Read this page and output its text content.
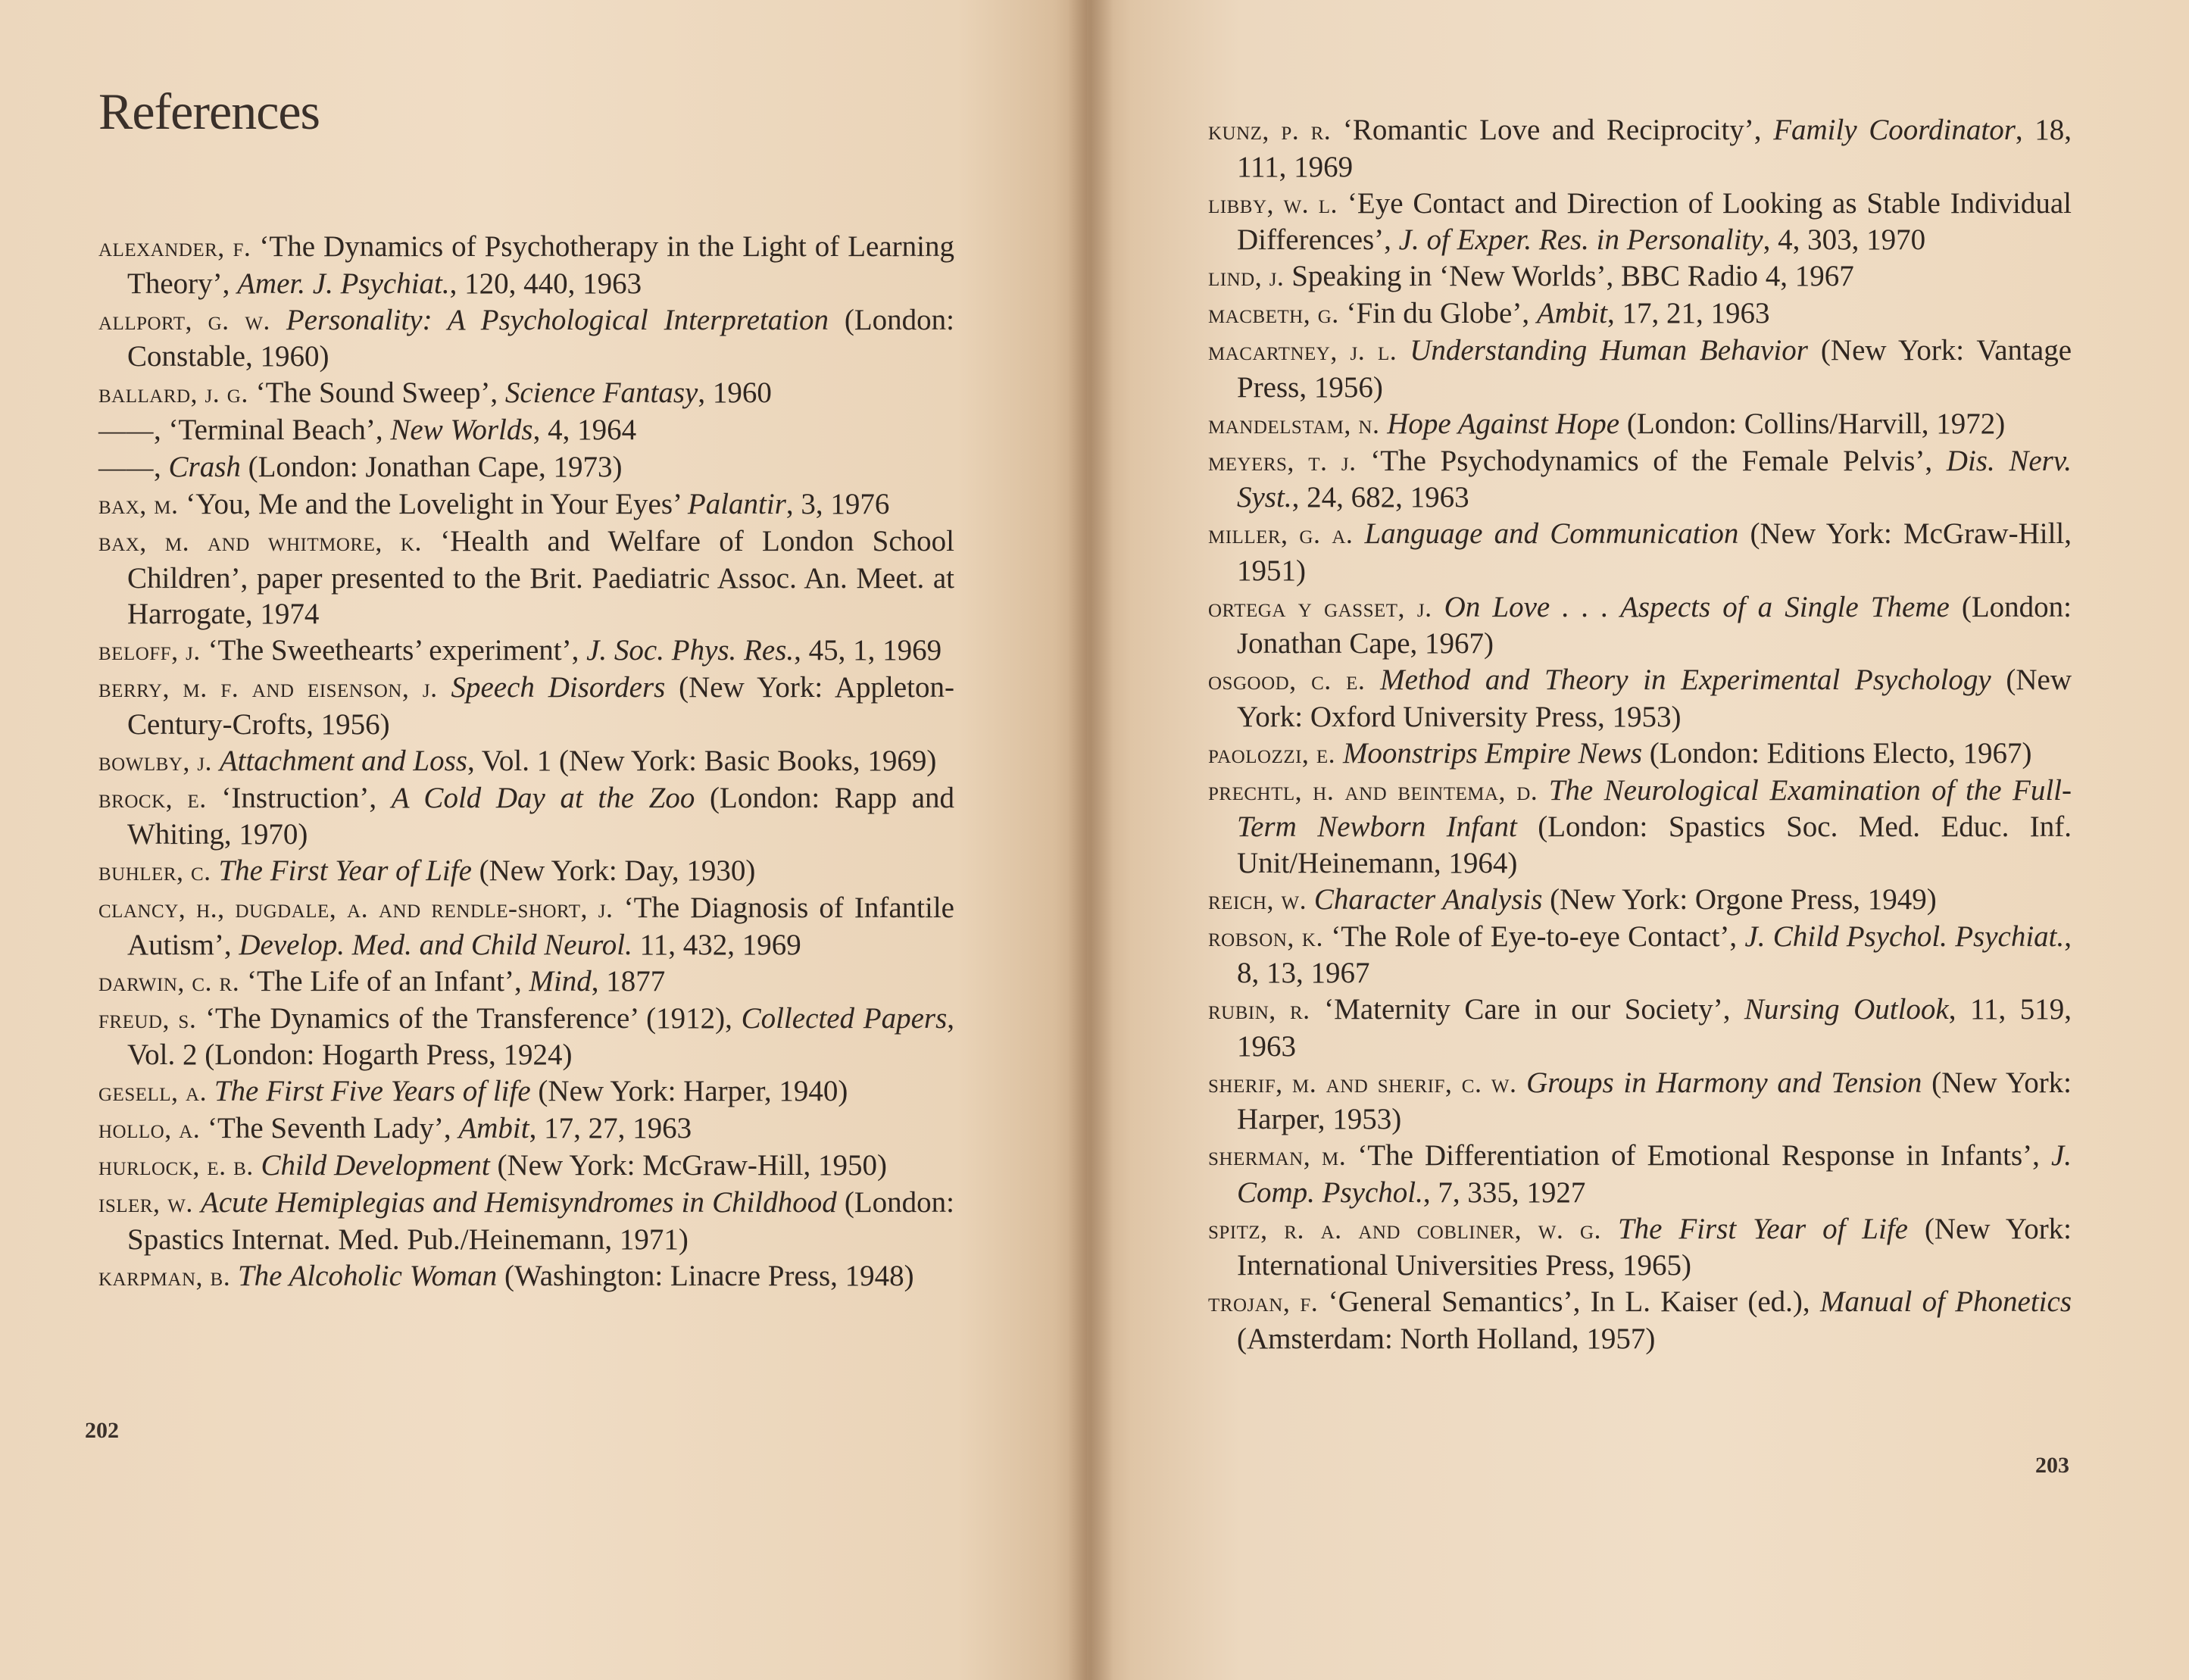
References
alexander, f. ‘The Dynamics of Psychotherapy in the Light of Learning Theory’, Amer. J. Psychiat., 120, 440, 1963
allport, g. w. Personality: A Psychological Interpretation (London: Constable, 1960)
ballard, j. g. ‘The Sound Sweep’, Science Fantasy, 1960
——, ‘Terminal Beach’, New Worlds, 4, 1964
——, Crash (London: Jonathan Cape, 1973)
bax, m. ‘You, Me and the Lovelight in Your Eyes’ Palantir, 3, 1976
bax, m. and whitmore, k. ‘Health and Welfare of London School Children’, paper presented to the Brit. Paediatric Assoc. An. Meet. at Harrogate, 1974
beloff, j. ‘The Sweethearts’ experiment’, J. Soc. Phys. Res., 45, 1, 1969
berry, m. f. and eisenson, j. Speech Disorders (New York: Appleton-Century-Crofts, 1956)
bowlby, j. Attachment and Loss, Vol. 1 (New York: Basic Books, 1969)
brock, e. ‘Instruction’, A Cold Day at the Zoo (London: Rapp and Whiting, 1970)
buhler, c. The First Year of Life (New York: Day, 1930)
clancy, h., dugdale, a. and rendle-short, j. ‘The Diagnosis of Infantile Autism’, Develop. Med. and Child Neurol. 11, 432, 1969
darwin, c. r. ‘The Life of an Infant’, Mind, 1877
freud, s. ‘The Dynamics of the Transference’ (1912), Collected Papers, Vol. 2 (London: Hogarth Press, 1924)
gesell, a. The First Five Years of life (New York: Harper, 1940)
hollo, a. ‘The Seventh Lady’, Ambit, 17, 27, 1963
hurlock, e. b. Child Development (New York: McGraw-Hill, 1950)
isler, w. Acute Hemiplegias and Hemisyndromes in Childhood (London: Spastics Internat. Med. Pub./Heinemann, 1971)
karpman, b. The Alcoholic Woman (Washington: Linacre Press, 1948)
202
kunz, p. r. ‘Romantic Love and Reciprocity’, Family Coordinator, 18, 111, 1969
libby, w. l. ‘Eye Contact and Direction of Looking as Stable Individual Differences’, J. of Exper. Res. in Personality, 4, 303, 1970
lind, j. Speaking in ‘New Worlds’, BBC Radio 4, 1967
macbeth, g. ‘Fin du Globe’, Ambit, 17, 21, 1963
macartney, j. l. Understanding Human Behavior (New York: Vantage Press, 1956)
mandelstam, n. Hope Against Hope (London: Collins/Harvill, 1972)
meyers, t. j. ‘The Psychodynamics of the Female Pelvis’, Dis. Nerv. Syst., 24, 682, 1963
miller, g. a. Language and Communication (New York: McGraw-Hill, 1951)
ortega y gasset, j. On Love . . . Aspects of a Single Theme (London: Jonathan Cape, 1967)
osgood, c. e. Method and Theory in Experimental Psychology (New York: Oxford University Press, 1953)
paolozzi, e. Moonstrips Empire News (London: Editions Electo, 1967)
prechtl, h. and beintema, d. The Neurological Examination of the Full-Term Newborn Infant (London: Spastics Soc. Med. Educ. Inf. Unit/Heinemann, 1964)
reich, w. Character Analysis (New York: Orgone Press, 1949)
robson, k. ‘The Role of Eye-to-eye Contact’, J. Child Psychol. Psychiat., 8, 13, 1967
rubin, r. ‘Maternity Care in our Society’, Nursing Outlook, 11, 519, 1963
sherif, m. and sherif, c. w. Groups in Harmony and Tension (New York: Harper, 1953)
sherman, m. ‘The Differentiation of Emotional Response in Infants’, J. Comp. Psychol., 7, 335, 1927
spitz, r. a. and cobliner, w. g. The First Year of Life (New York: International Universities Press, 1965)
trojan, f. ‘General Semantics’, In L. Kaiser (ed.), Manual of Phonetics (Amsterdam: North Holland, 1957)
203
